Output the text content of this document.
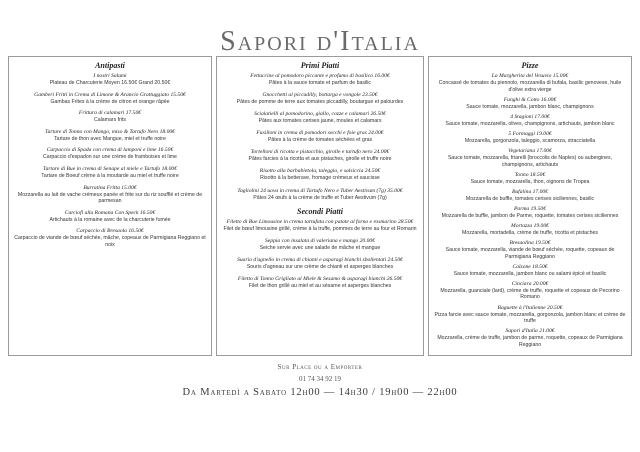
Sapori d'Italia
Antipasti
I nostri Salumi
Plateau de Charcuterie Moyen 16.50€ Grand 20.50€
Gamberi Fritti in Crema di Limone & Arancio Grattuggiato 15.50€
Gambas Frites à la crème de citron et orange râpée
Frittura di calamari 17.50€
Calamars frits
Tartare di Tonno con Mango, miso & Tartufo Nero 18.00€
Tartare de thon avec Mangue, miel et truffe noire
Carpaccio di Spada con crema di lamponi e lime 16.50€
Carpaccio d'espadon sur une crème de framboises et lime
Tartare di Bue in crema di Senape al miele e Tartufo 18.00€
Tartare de Boeuf crème à la moutarde au miel et truffe noire
Burratina Fritta 15.00€
Mozzarella au lait de vache crémeux panée et frite sur du riz soufflé et crème de parmesan
Carciofi alla Romana Con Speck 16.50€
Artichauts à la romaine avec de la charcuterie fumée
Carpaccio di Bresaola 16.50€
Carpaccio de viande de bœuf séchée, mâche, copeaux de Parmigiana Reggiano et noix
Primi Piatti
Fettuccine al pomodoro piccante e profumo di basilico 16.00€
Pâtes à la sauce tomate et parfum de basilic
Gnocchetti al piccadilly, bottarga e vongole 23.50€
Pâtes de pomme de terre aux tomates piccadilly, boutargue et palourdes
Scialatielli al pomodorino, giallo, cozze e calamari 26.50€
Pâtes aux tomates cerises jaune, moules et calamars
Fusilloni in crema di pomodori secchi e foie gras 24.00€
Pâtes à la crème de tomates séchées et gras
Tortelloni di ricotta e pistacchio, girolle e tartufo nero 24.00€
Pâtes farcies à la ricotta et aux pistaches, girolle et truffe noire
Risotto alla barbabietola, taleggio, e salsiccia 24.50€
Risotto à la betterave, fromage crémeux et saucisse
Tagliolini 24 uova in crema di Tartufo Nero e Tuber Aestivum (7g) 35.00€
Pâtes 24 œufs à la crème de truffe et Tuber Aestivum (7g)
Secondi Piatti
Filetto di Bue Limousine in crema tartufata con patate al forno e rosmarino 28.50€
Filet de bœuf limousine grillé, crème à la truffe, pommes de terre au four et Romarin
Seppia con insalata di valeriana e mango 20.00€
Seiche servie avec une salade de mâche et mangue
Suario d'agnello in crema di chianti e asparagi bianchi sbollentati 24.50€
Souris d'agneau sur une crème de chianti et asperges blanches
Filetto di Tonno Grigliato al Miele & Sesamo & asparagi bianchi 26.50€
Filet de thon grillé au miel et au sésame et asperges blanches
Pizze
La Margherita del Vesuvio 15.00€
Concassé de tomates du piennolo, mozzarella di bufala, basilic genovese, huile d'olive extra vierge
Funghi & Cotto 16.00€
Sauce tomate, mozzarella, jambon blanc, champignons
4 Stagioni 17.00€
Sauce tomate, mozzarella, olives, champignons, artichauts, jambon blanc
5 Formaggi 19.00€
Mozzarella, gorgonzola, taleggio, scamorza, stracciatella
Vegetariana 17.00€
Sauce tomate, mozzarella, friarelli (broccolis de Naples) ou aubergines, champignons, artichauts
Tonno 18.50€
Sauce tomate, mozzarella, thon, oignons de Tropea
Bufalina 17.00€
Mozzarella de buffle, tomates cerises siciliennes, basilic
Parma 19.50€
Mozzarella de buffle, jambon de Parme, roquette, tomates cerises siciliennes
Mortazza 19.00€
Mozzarella, mortadella, crème de truffe, ricotta et pistaches
Bresaolina 19.50€
Sauce tomate, mozzarella, viande de bœuf séchée, roquette, copeaux de Parmigiana Reggiano
Calzone 18.50€
Sauce tomate, mozzarella, jambon blanc ou salami épicé et basilic
Cinciara 20.00€
Mozzarella, guanciale (lard), crème de truffe, roquette et copeaux de Pecorino Romano
Baguette à l'Italienne 20.50€
Pizza farcie avec sauce tomate, mozzarella, gorgonzola, jambon blanc et crème de truffe
Sapori d'Italia 21.00€
Mozzarella, crème de truffe, jambon de parme, roquette, copeaux de Parmigiana Reggiano
Sur Place ou a Emporter
01 74 34 92 19
Da Martedì a Sabato 12h00 — 14h30 / 19h00 — 22h00
